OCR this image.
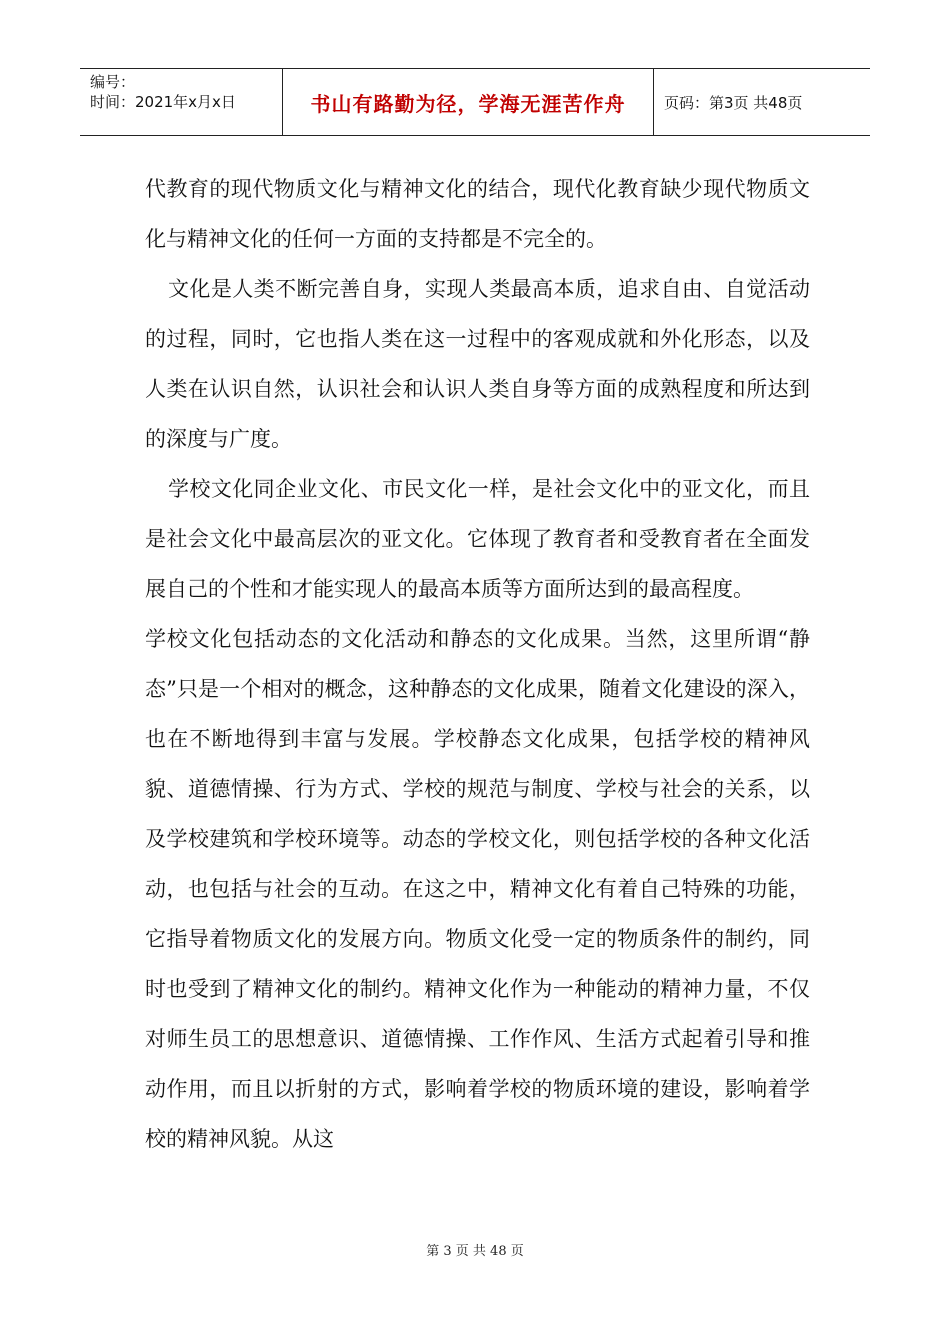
编号：
时间：2021年x月x日	书山有路勤为径，学海无涯苦作舟	页码：第3页 共48页

代教育的现代物质文化与精神文化的结合，现代化教育缺少现代物质文化与精神文化的任何一方面的支持都是不完全的。

文化是人类不断完善自身，实现人类最高本质，追求自由、自觉活动的过程，同时，它也指人类在这一过程中的客观成就和外化形态，以及人类在认识自然，认识社会和认识人类自身等方面的成熟程度和所达到的深度与广度。

学校文化同企业文化、市民文化一样，是社会文化中的亚文化，而且是社会文化中最高层次的亚文化。它体现了教育者和受教育者在全面发展自己的个性和才能实现人的最高本质等方面所达到的最高程度。

学校文化包括动态的文化活动和静态的文化成果。当然，这里所谓“静态”只是一个相对的概念，这种静态的文化成果，随着文化建设的深入，也在不断地得到丰富与发展。学校静态文化成果，包括学校的精神风貌、道德情操、行为方式、学校的规范与制度、学校与社会的关系，以及学校建筑和学校环境等。动态的学校文化，则包括学校的各种文化活动，也包括与社会的互动。在这之中，精神文化有着自己特殊的功能，它指导着物质文化的发展方向。物质文化受一定的物质条件的制约，同时也受到了精神文化的制约。精神文化作为一种能动的精神力量，不仅对师生员工的思想意识、道德情操、工作作风、生活方式起着引导和推动作用，而且以折射的方式，影响着学校的物质环境的建设，影响着学校的精神风貌。从这

第 3 页 共 48 页
